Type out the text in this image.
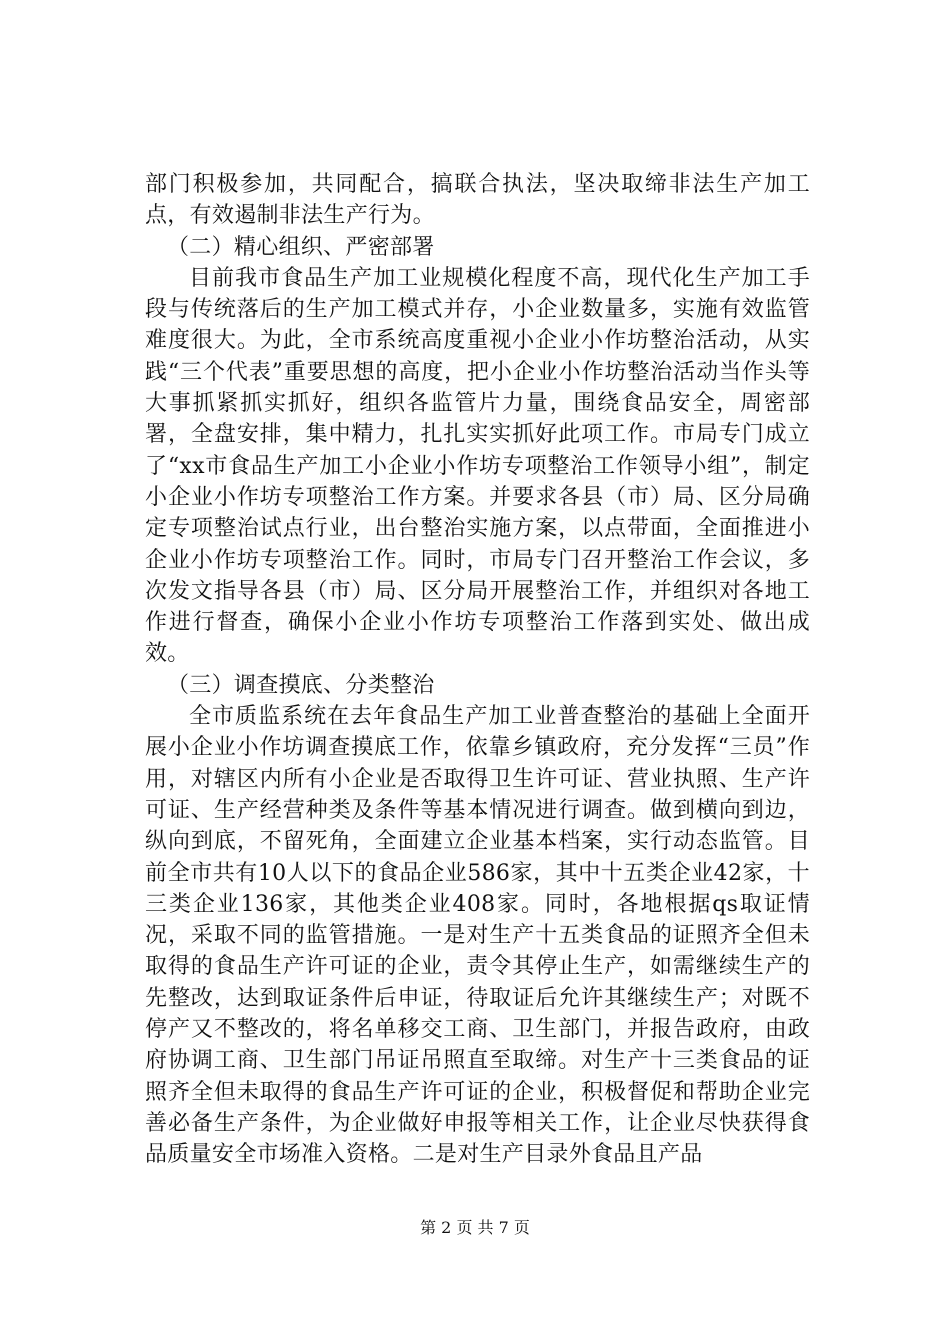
部门积极参加，共同配合，搞联合执法，坚决取缔非法生产加工点，有效遏制非法生产行为。

（二）精心组织、严密部署

目前我市食品生产加工业规模化程度不高，现代化生产加工手段与传统落后的生产加工模式并存，小企业数量多，实施有效监管难度很大。为此，全市系统高度重视小企业小作坊整治活动，从实践“三个代表”重要思想的高度，把小企业小作坊整治活动当作头等大事抓紧抓实抓好，组织各监管片力量，围绕食品安全，周密部署，全盘安排，集中精力，扎扎实实抓好此项工作。市局专门成立了“xx市食品生产加工小企业小作坊专项整治工作领导小组”，制定小企业小作坊专项整治工作方案。并要求各县（市）局、区分局确定专项整治试点行业，出台整治实施方案，以点带面，全面推进小企业小作坊专项整治工作。同时，市局专门召开整治工作会议，多次发文指导各县（市）局、区分局开展整治工作，并组织对各地工作进行督查，确保小企业小作坊专项整治工作落到实处、做出成效。

（三）调查摸底、分类整治

全市质监系统在去年食品生产加工业普查整治的基础上全面开展小企业小作坊调查摸底工作，依靠乡镇政府，充分发挥“三员”作用，对辖区内所有小企业是否取得卫生许可证、营业执照、生产许可证、生产经营种类及条件等基本情况进行调查。做到横向到边，纵向到底，不留死角，全面建立企业基本档案，实行动态监管。目前全市共有10人以下的食品企业586家，其中十五类企业42家，十三类企业136家，其他类企业408家。同时，各地根据qs取证情况，采取不同的监管措施。一是对生产十五类食品的证照齐全但未取得的食品生产许可证的企业，责令其停止生产，如需继续生产的先整改，达到取证条件后申证，待取证后允许其继续生产；对既不停产又不整改的，将名单移交工商、卫生部门，并报告政府，由政府协调工商、卫生部门吊证吊照直至取缔。对生产十三类食品的证照齐全但未取得的食品生产许可证的企业，积极督促和帮助企业完善必备生产条件，为企业做好申报等相关工作，让企业尽快获得食品质量安全市场准入资格。二是对生产目录外食品且产品

第 2 页 共 7 页
